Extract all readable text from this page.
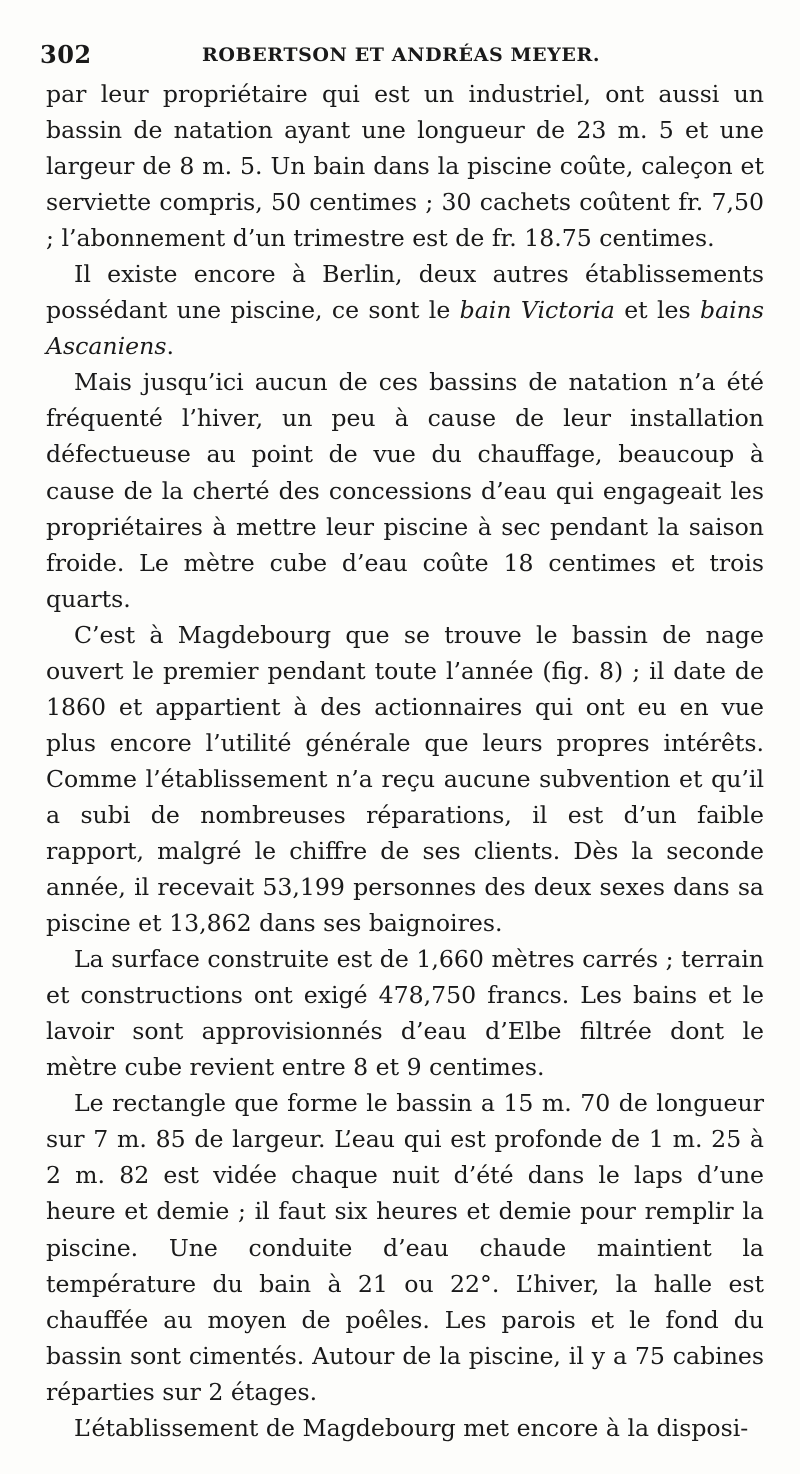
302	ROBERTSON ET ANDRÉAS MEYER.

par leur propriétaire qui est un industriel, ont aussi un bassin de natation ayant une longueur de 23 m. 5 et une largeur de 8 m. 5. Un bain dans la piscine coûte, caleçon et serviette compris, 50 centimes ; 30 cachets coûtent fr. 7,50 ; l’abonnement d’un trimestre est de fr. 18.75 centimes.

Il existe encore à Berlin, deux autres établissements possédant une piscine, ce sont le bain Victoria et les bains Ascaniens.

Mais jusqu’ici aucun de ces bassins de natation n’a été fréquenté l’hiver, un peu à cause de leur installation défectueuse au point de vue du chauffage, beaucoup à cause de la cherté des concessions d’eau qui engageait les propriétaires à mettre leur piscine à sec pendant la saison froide. Le mètre cube d’eau coûte 18 centimes et trois quarts.

C’est à Magdebourg que se trouve le bassin de nage ouvert le premier pendant toute l’année (fig. 8) ; il date de 1860 et appartient à des actionnaires qui ont eu en vue plus encore l’utilité générale que leurs propres intérêts. Comme l’établissement n’a reçu aucune subvention et qu’il a subi de nombreuses réparations, il est d’un faible rapport, malgré le chiffre de ses clients. Dès la seconde année, il recevait 53,199 personnes des deux sexes dans sa piscine et 13,862 dans ses baignoires.

La surface construite est de 1,660 mètres carrés ; terrain et constructions ont exigé 478,750 francs. Les bains et le lavoir sont approvisionnés d’eau d’Elbe filtrée dont le mètre cube revient entre 8 et 9 centimes.

Le rectangle que forme le bassin a 15 m. 70 de longueur sur 7 m. 85 de largeur. L’eau qui est profonde de 1 m. 25 à 2 m. 82 est vidée chaque nuit d’été dans le laps d’une heure et demie ; il faut six heures et demie pour remplir la piscine. Une conduite d’eau chaude maintient la température du bain à 21 ou 22°. L’hiver, la halle est chauffée au moyen de poêles. Les parois et le fond du bassin sont cimentés. Autour de la piscine, il y a 75 cabines réparties sur 2 étages.

L’établissement de Magdebourg met encore à la disposi-
